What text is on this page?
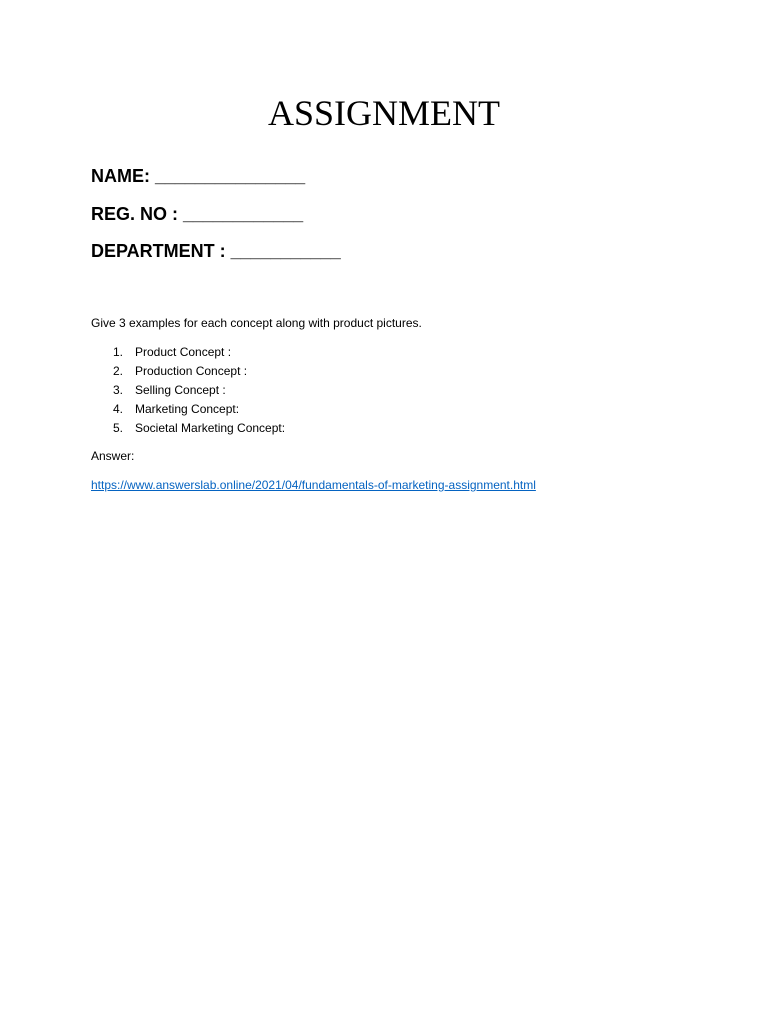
ASSIGNMENT
NAME: _______________
REG. NO : ____________
DEPARTMENT : ___________
Give 3 examples for each concept along with product pictures.
1. Product Concept :
2. Production Concept :
3. Selling Concept :
4. Marketing Concept:
5. Societal Marketing Concept:
Answer:
https://www.answerslab.online/2021/04/fundamentals-of-marketing-assignment.html
